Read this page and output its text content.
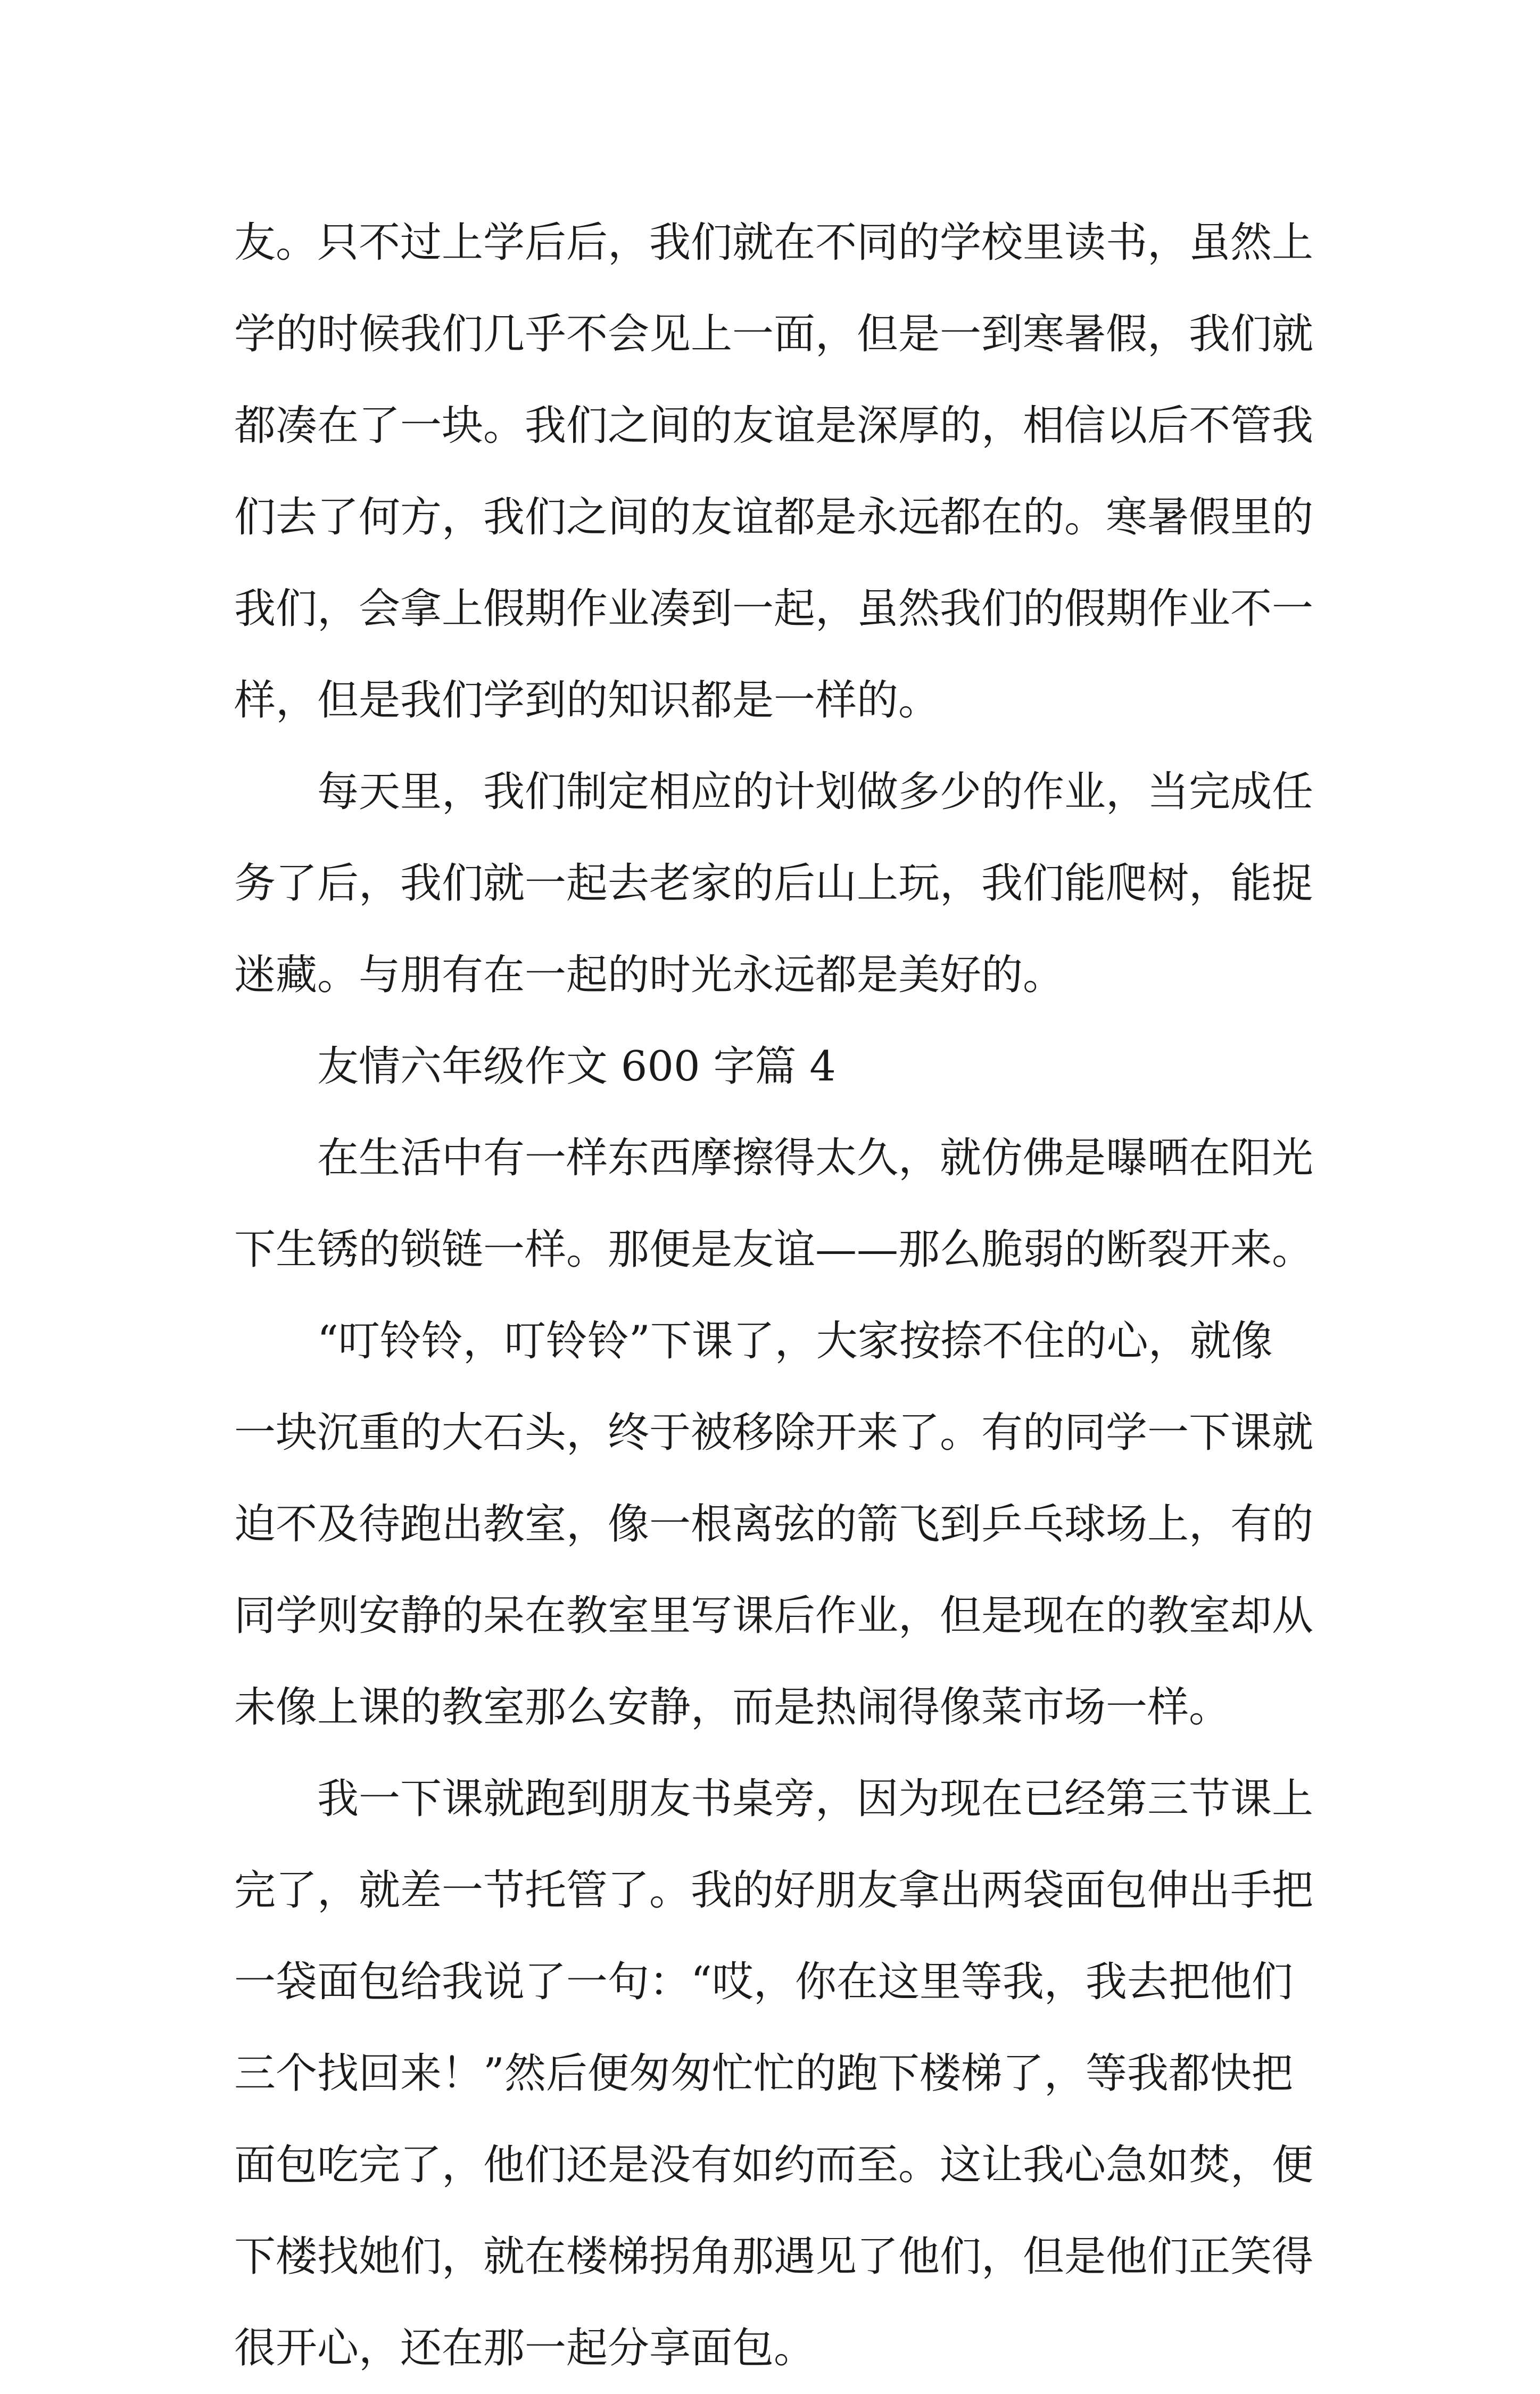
友。只不过上学后后，我们就在不同的学校里读书，虽然上
学的时候我们几乎不会见上一面，但是一到寒暑假，我们就
都凑在了一块。我们之间的友谊是深厚的，相信以后不管我
们去了何方，我们之间的友谊都是永远都在的。寒暑假里的
我们，会拿上假期作业凑到一起，虽然我们的假期作业不一
样，但是我们学到的知识都是一样的。
每天里，我们制定相应的计划做多少的作业，当完成任
务了后，我们就一起去老家的后山上玩，我们能爬树，能捉
迷藏。与朋有在一起的时光永远都是美好的。
友情六年级作文 600 字篇 4
在生活中有一样东西摩擦得太久，就仿佛是曝晒在阳光
下生锈的锁链一样。那便是友谊——那么脆弱的断裂开来。
“叮铃铃，叮铃铃”下课了，大家按捺不住的心，就像
一块沉重的大石头，终于被移除开来了。有的同学一下课就
迫不及待跑出教室，像一根离弦的箭飞到乒乓球场上，有的
同学则安静的呆在教室里写课后作业，但是现在的教室却从
未像上课的教室那么安静，而是热闹得像菜市场一样。
我一下课就跑到朋友书桌旁，因为现在已经第三节课上
完了，就差一节托管了。我的好朋友拿出两袋面包伸出手把
一袋面包给我说了一句：“哎，你在这里等我，我去把他们
三个找回来！”然后便匆匆忙忙的跑下楼梯了，等我都快把
面包吃完了，他们还是没有如约而至。这让我心急如焚，便
下楼找她们，就在楼梯拐角那遇见了他们，但是他们正笑得
很开心，还在那一起分享面包。
